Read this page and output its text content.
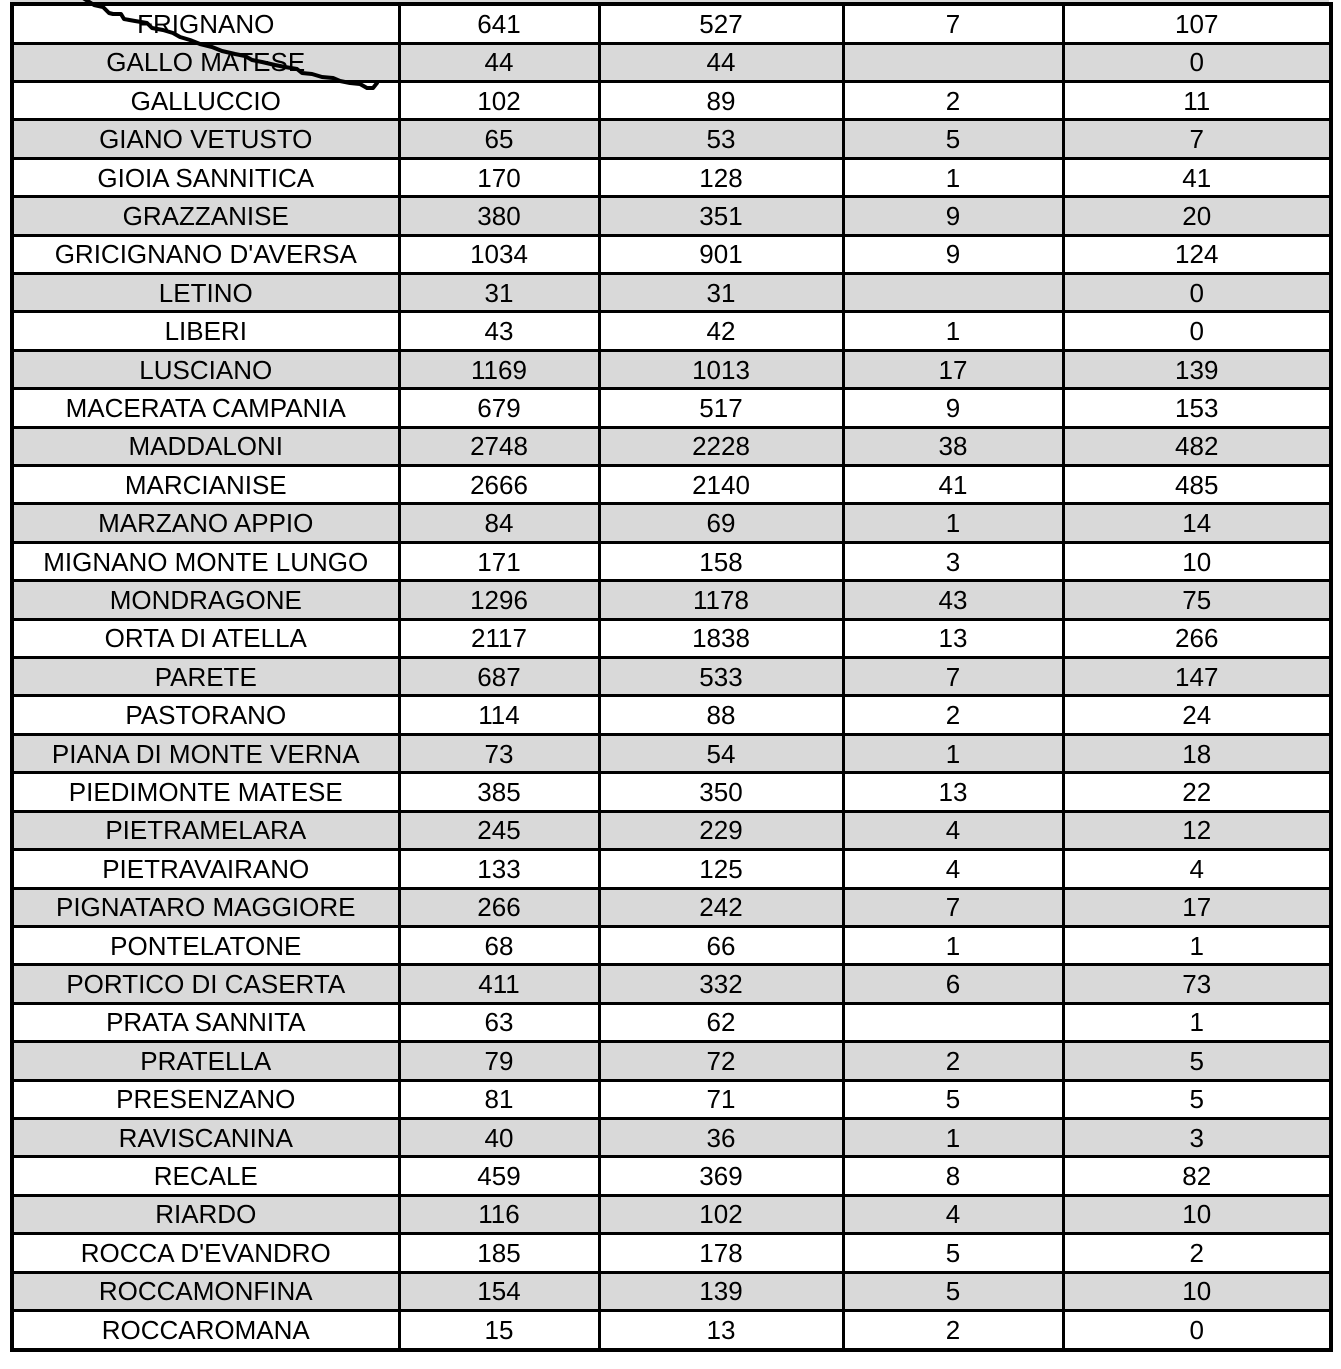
FRIGNANO	641	527	7	107
GALLO MATESE	44	44		0
GALLUCCIO	102	89	2	11
GIANO VETUSTO	65	53	5	7
GIOIA SANNITICA	170	128	1	41
GRAZZANISE	380	351	9	20
GRICIGNANO D'AVERSA	1034	901	9	124
LETINO	31	31		0
LIBERI	43	42	1	0
LUSCIANO	1169	1013	17	139
MACERATA CAMPANIA	679	517	9	153
MADDALONI	2748	2228	38	482
MARCIANISE	2666	2140	41	485
MARZANO APPIO	84	69	1	14
MIGNANO MONTE LUNGO	171	158	3	10
MONDRAGONE	1296	1178	43	75
ORTA DI ATELLA	2117	1838	13	266
PARETE	687	533	7	147
PASTORANO	114	88	2	24
PIANA DI MONTE VERNA	73	54	1	18
PIEDIMONTE MATESE	385	350	13	22
PIETRAMELARA	245	229	4	12
PIETRAVAIRANO	133	125	4	4
PIGNATARO MAGGIORE	266	242	7	17
PONTELATONE	68	66	1	1
PORTICO DI CASERTA	411	332	6	73
PRATA SANNITA	63	62		1
PRATELLA	79	72	2	5
PRESENZANO	81	71	5	5
RAVISCANINA	40	36	1	3
RECALE	459	369	8	82
RIARDO	116	102	4	10
ROCCA D'EVANDRO	185	178	5	2
ROCCAMONFINA	154	139	5	10
ROCCAROMANA	15	13	2	0
